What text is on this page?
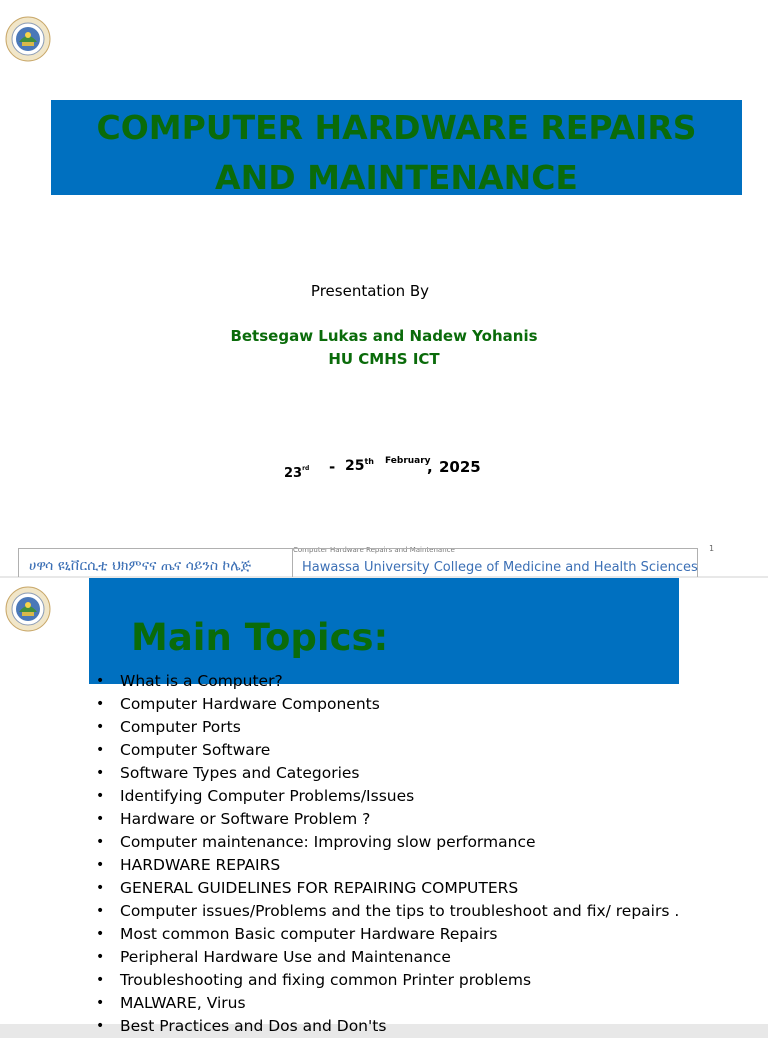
COMPUTER HARDWARE REPAIRS
AND MAINTENANCE
Presentation By
Betsegaw Lukas and Nadew Yohanis
HU CMHS ICT
23rd - 25th February
, 2025
Computer Hardware Repairs and Maintenance	1
ሀዋሳ ዩኒቨርሲቲ ህክምናና ጤና ሳይንስ ኮሌጅ	Hawassa University College of Medicine and Health Sciences
Main Topics:
• What is a Computer?
• Computer Hardware Components
• Computer Ports
• Computer Software
• Software Types and Categories
• Identifying Computer Problems/Issues
• Hardware or Software Problem ?
• Computer maintenance: Improving slow performance
• HARDWARE REPAIRS
• GENERAL GUIDELINES FOR REPAIRING COMPUTERS
• Computer issues/Problems and the tips to troubleshoot and fix/ repairs .
• Most common Basic computer Hardware Repairs
• Peripheral Hardware Use and Maintenance
• Troubleshooting and fixing common Printer problems
• MALWARE, Virus
• Best Practices and Dos and Don'ts
